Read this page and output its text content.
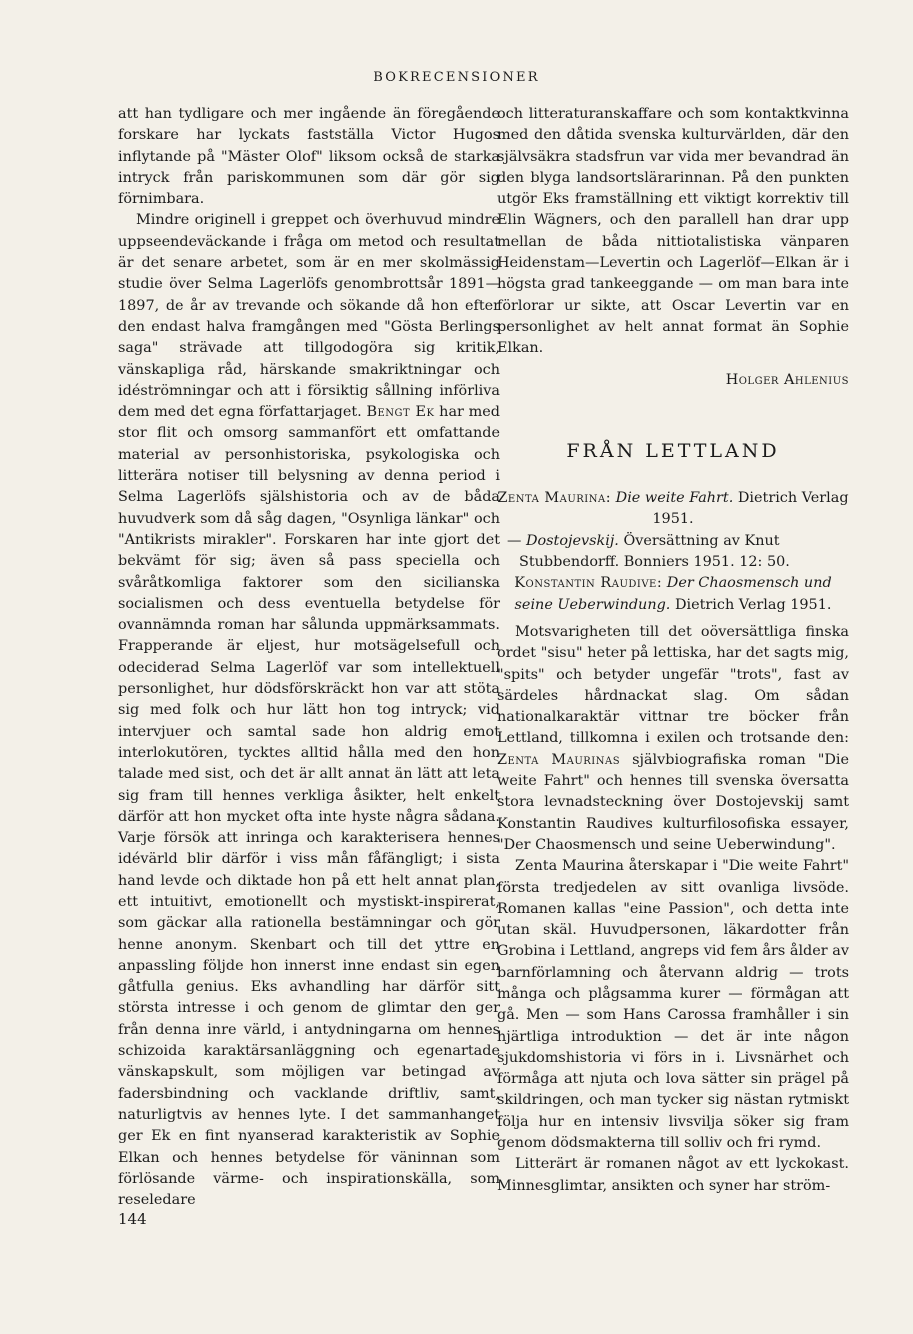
BOKRECENSIONER

att han tydligare och mer ingående än föregående forskare har lyckats fastställa Victor Hugos inflytande på "Mäster Olof" liksom också de starka intryck från pariskommunen som där gör sig förnimbara.

Mindre originell i greppet och överhuvud mindre uppseendeväckande i fråga om metod och resultat är det senare arbetet, som är en mer skolmässig studie över Selma Lagerlöfs genombrottsår 1891—1897, de år av trevande och sökande då hon efter den endast halva framgången med "Gösta Berlings saga" strävade att tillgodogöra sig kritik, vänskapliga råd, härskande smakriktningar och idéströmningar och att i försiktig sållning införliva dem med det egna författarjaget. Bengt Ek har med stor flit och omsorg sammanfört ett omfattande material av personhistoriska, psykologiska och litterära notiser till belysning av denna period i Selma Lagerlöfs själshistoria och av de båda huvudverk som då såg dagen, "Osynliga länkar" och "Antikrists mirakler". Forskaren har inte gjort det bekvämt för sig; även så pass speciella och svåråtkomliga faktorer som den sicilianska socialismen och dess eventuella betydelse för ovannämnda roman har sålunda uppmärksammats. Frapperande är eljest, hur motsägelsefull och odeciderad Selma Lagerlöf var som intellektuell personlighet, hur dödsförskräckt hon var att stöta sig med folk och hur lätt hon tog intryck; vid intervjuer och samtal sade hon aldrig emot interlokutören, tycktes alltid hålla med den hon talade med sist, och det är allt annat än lätt att leta sig fram till hennes verkliga åsikter, helt enkelt därför att hon mycket ofta inte hyste några sådana. Varje försök att inringa och karakterisera hennes idévärld blir därför i viss mån fåfängligt; i sista hand levde och diktade hon på ett helt annat plan, ett intuitivt, emotionellt och mystiskt-inspirerat, som gäckar alla rationella bestämningar och gör henne anonym. Skenbart och till det yttre en anpassling följde hon innerst inne endast sin egen gåtfulla genius. Eks avhandling har därför sitt största intresse i och genom de glimtar den ger från denna inre värld, i antydningarna om hennes schizoida karaktärsanläggning och egenartade vänskapskult, som möjligen var betingad av fadersbindning och vacklande driftliv, samt, naturligtvis av hennes lyte. I det sammanhanget ger Ek en fint nyanserad karakteristik av Sophie Elkan och hennes betydelse för väninnan som förlösande värme- och inspirationskälla, som reseledare

och litteraturanskaffare och som kontaktkvinna med den dåtida svenska kulturvärlden, där den självsäkra stadsfrun var vida mer bevandrad än den blyga landsortslärarinnan. På den punkten utgör Eks framställning ett viktigt korrektiv till Elin Wägners, och den parallell han drar upp mellan de båda nittiotalistiska vänparen Heidenstam—Levertin och Lagerlöf—Elkan är i högsta grad tankeeggande — om man bara inte förlorar ur sikte, att Oscar Levertin var en personlighet av helt annat format än Sophie Elkan.

Holger Ahlenius
FRÅN LETTLAND

Zenta Maurina: Die weite Fahrt. Dietrich Verlag 1951.

— Dostojevskij. Översättning av Knut Stubbendorff. Bonniers 1951. 12: 50.

Konstantin Raudive: Der Chaosmensch und seine Ueberwindung. Dietrich Verlag 1951.

Motsvarigheten till det oöversättliga finska ordet "sisu" heter på lettiska, har det sagts mig, "spits" och betyder ungefär "trots", fast av särdeles hårdnackat slag. Om sådan nationalkaraktär vittnar tre böcker från Lettland, tillkomna i exilen och trotsande den: Zenta Maurinas självbiografiska roman "Die weite Fahrt" och hennes till svenska översatta stora levnadsteckning över Dostojevskij samt Konstantin Raudives kulturfilosofiska essayer, "Der Chaosmensch und seine Ueberwindung".

Zenta Maurina återskapar i "Die weite Fahrt" första tredjedelen av sitt ovanliga livsöde. Romanen kallas "eine Passion", och detta inte utan skäl. Huvudpersonen, läkardotter från Grobina i Lettland, angreps vid fem års ålder av barnförlamning och återvann aldrig — trots många och plågsamma kurer — förmågan att gå. Men — som Hans Carossa framhåller i sin hjärtliga introduktion — det är inte någon sjukdomshistoria vi förs in i. Livsnärhet och förmåga att njuta och lova sätter sin prägel på skildringen, och man tycker sig nästan rytmiskt följa hur en intensiv livsvilja söker sig fram genom dödsmakterna till solliv och fri rymd.

Litterärt är romanen något av ett lyckokast. Minnesglimtar, ansikten och syner har ström-

144
